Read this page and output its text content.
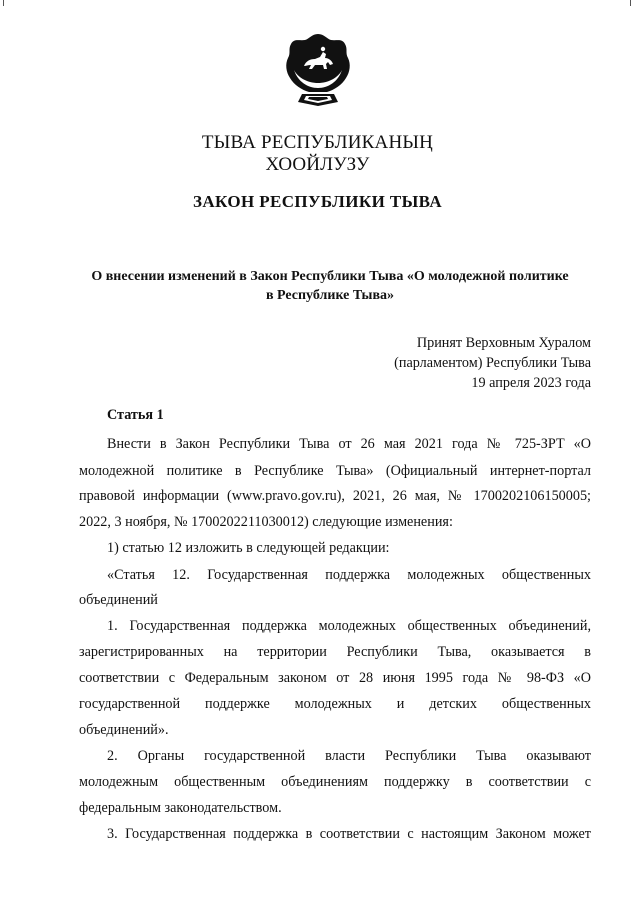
ТЫВА РЕСПУБЛИКАНЫҢ
ХООЙЛУЗУ
ЗАКОН РЕСПУБЛИКИ ТЫВА
О внесении изменений в Закон Республики Тыва «О молодежной политике
в Республике Тыва»
Принят Верховным Хуралом
(парламентом) Республики Тыва
19 апреля 2023 года
Статья 1
Внести в Закон Республики Тыва от 26 мая 2021 года № 725-ЗРТ «О
молодежной политике в Республике Тыва» (Официальный интернет-портал
правовой информации (www.pravo.gov.ru), 2021, 26 мая, № 1700202106150005;
2022, 3 ноября, № 1700202211030012) следующие изменения:
1) статью 12 изложить в следующей редакции:
«Статья 12. Государственная поддержка молодежных общественных
объединений
1. Государственная поддержка молодежных общественных объединений,
зарегистрированных на территории Республики Тыва, оказывается в
соответствии с Федеральным законом от 28 июня 1995 года № 98-ФЗ «О
государственной поддержке молодежных и детских общественных
объединений».
2. Органы государственной власти Республики Тыва оказывают
молодежным общественным объединениям поддержку в соответствии с
федеральным законодательством.
3. Государственная поддержка в соответствии с настоящим Законом может
